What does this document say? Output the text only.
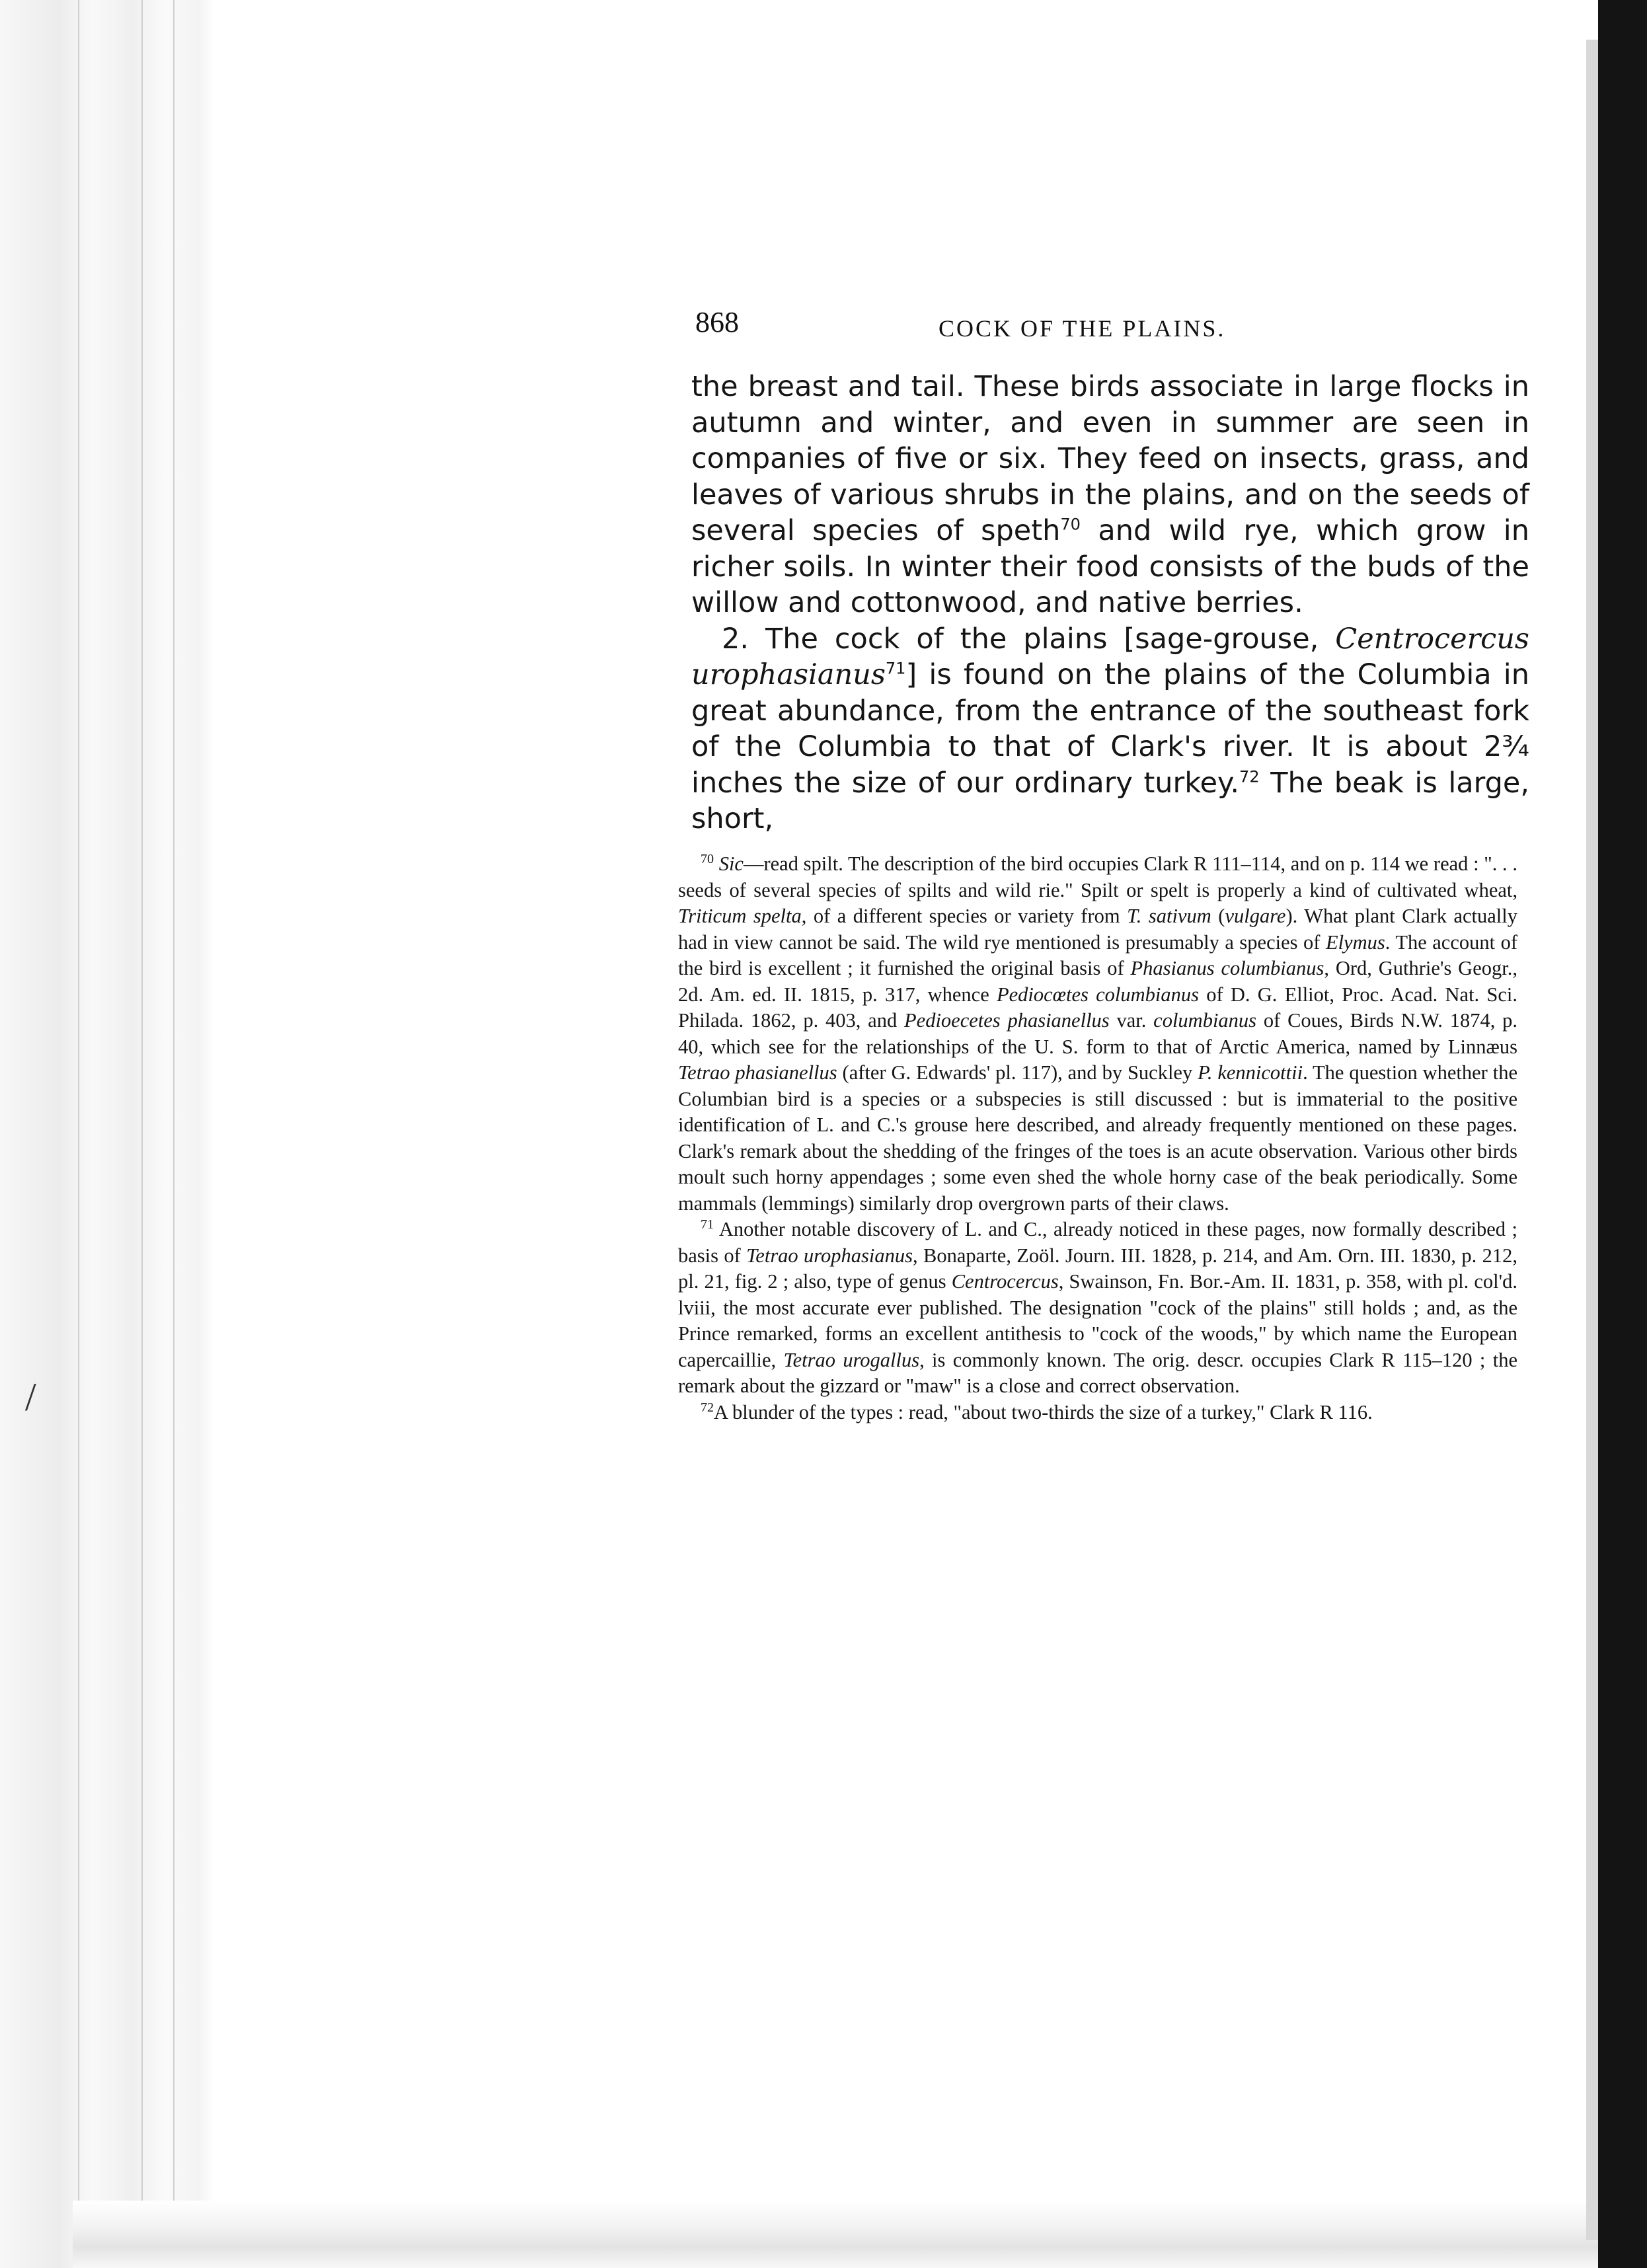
/
868	COCK OF THE PLAINS.

the breast and tail. These birds associate in large flocks in autumn and winter, and even in summer are seen in companies of five or six. They feed on insects, grass, and leaves of various shrubs in the plains, and on the seeds of several species of speth$^{70}$ and wild rye, which grow in richer soils. In winter their food consists of the buds of the willow and cottonwood, and native berries.

2. The cock of the plains [sage-grouse, Centrocercus urophasianus$^{71}$] is found on the plains of the Columbia in great abundance, from the entrance of the southeast fork of the Columbia to that of Clark's river. It is about 2¾ inches the size of our ordinary turkey.$^{72}$ The beak is large, short,

$^{70}$ Sic—read spilt. The description of the bird occupies Clark R 111–114, and on p. 114 we read : ". . . seeds of several species of spilts and wild rie." Spilt or spelt is properly a kind of cultivated wheat, Triticum spelta, of a different species or variety from T. sativum (vulgare). What plant Clark actually had in view cannot be said. The wild rye mentioned is presumably a species of Elymus. The account of the bird is excellent ; it furnished the original basis of Phasianus columbianus, Ord, Guthrie's Geogr., 2d. Am. ed. II. 1815, p. 317, whence Pediocœtes columbianus of D. G. Elliot, Proc. Acad. Nat. Sci. Philada. 1862, p. 403, and Pedioecetes phasianellus var. columbianus of Coues, Birds N.W. 1874, p. 40, which see for the relationships of the U. S. form to that of Arctic America, named by Linnæus Tetrao phasianellus (after G. Edwards' pl. 117), and by Suckley P. kennicottii. The question whether the Columbian bird is a species or a subspecies is still discussed : but is immaterial to the positive identification of L. and C.'s grouse here described, and already frequently mentioned on these pages. Clark's remark about the shedding of the fringes of the toes is an acute observation. Various other birds moult such horny appendages ; some even shed the whole horny case of the beak periodically. Some mammals (lemmings) similarly drop overgrown parts of their claws.

$^{71}$ Another notable discovery of L. and C., already noticed in these pages, now formally described ; basis of Tetrao urophasianus, Bonaparte, Zoöl. Journ. III. 1828, p. 214, and Am. Orn. III. 1830, p. 212, pl. 21, fig. 2 ; also, type of genus Centrocercus, Swainson, Fn. Bor.-Am. II. 1831, p. 358, with pl. col'd. lviii, the most accurate ever published. The designation "cock of the plains" still holds ; and, as the Prince remarked, forms an excellent antithesis to "cock of the woods," by which name the European capercaillie, Tetrao urogallus, is commonly known. The orig. descr. occupies Clark R 115–120 ; the remark about the gizzard or "maw" is a close and correct observation.

$^{72}$A blunder of the types : read, "about two-thirds the size of a turkey," Clark R 116.
